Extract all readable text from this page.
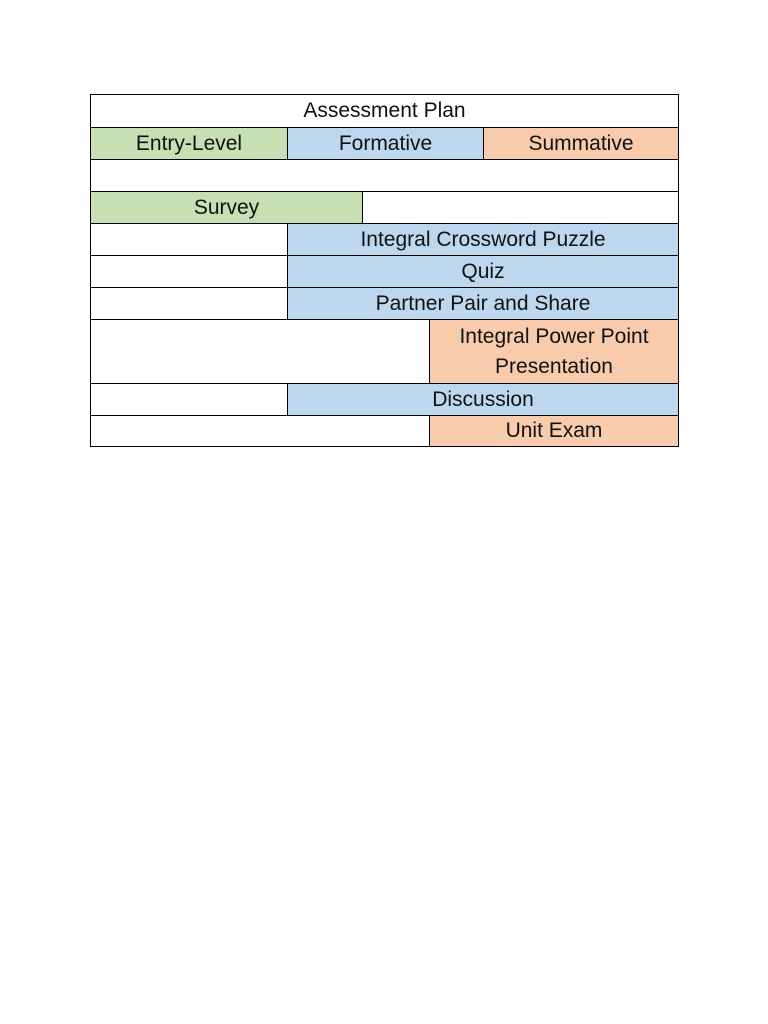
Assessment Plan
Entry-Level	Formative	Summative
Survey
Integral Crossword Puzzle
Quiz
Partner Pair and Share
Integral Power Point Presentation
Discussion
Unit Exam
